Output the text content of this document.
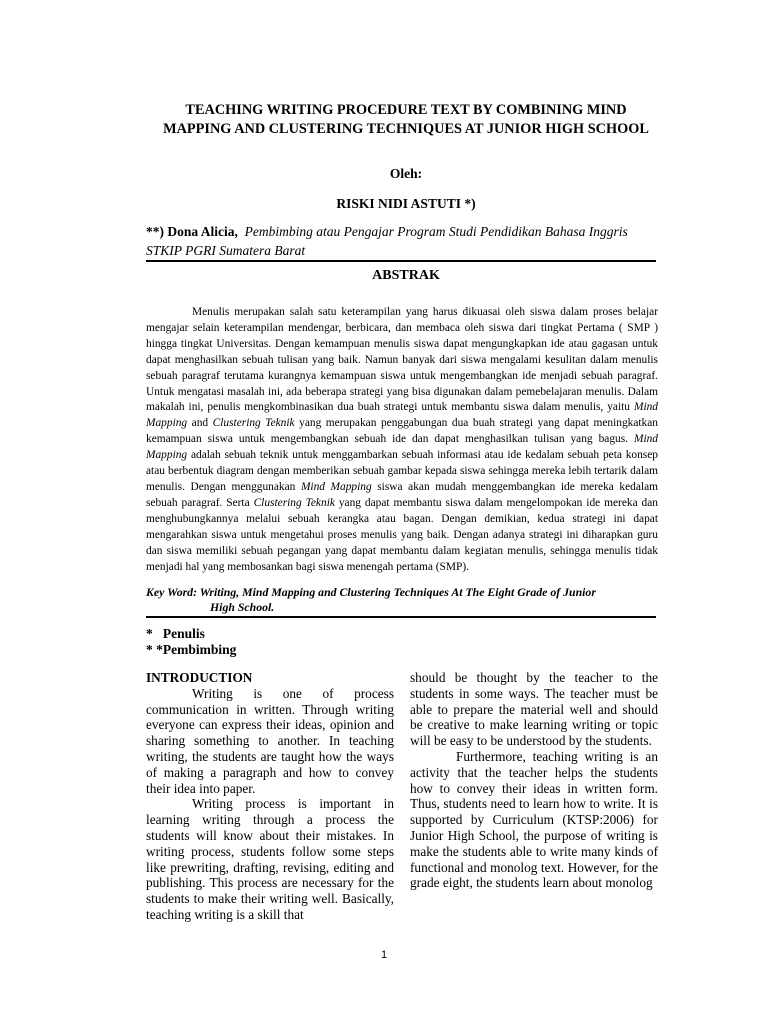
TEACHING WRITING PROCEDURE TEXT BY COMBINING MIND MAPPING AND CLUSTERING TECHNIQUES AT JUNIOR HIGH SCHOOL
Oleh:
RISKI NIDI ASTUTI *)
**) Dona Alicia, Pembimbing atau Pengajar Program Studi Pendidikan Bahasa Inggris
STKIP PGRI Sumatera Barat
ABSTRAK

Menulis merupakan salah satu keterampilan yang harus dikuasai oleh siswa dalam proses belajar mengajar selain keterampilan mendengar, berbicara, dan membaca oleh siswa dari tingkat Pertama ( SMP ) hingga tingkat Universitas. Dengan kemampuan menulis siswa dapat mengungkapkan ide atau gagasan untuk dapat menghasilkan sebuah tulisan yang baik. Namun banyak dari siswa mengalami kesulitan dalam menulis sebuah paragraf terutama kurangnya kemampuan siswa untuk mengembangkan ide menjadi sebuah paragraf. Untuk mengatasi masalah ini, ada beberapa strategi yang bisa digunakan dalam pemebelajaran menulis. Dalam makalah ini, penulis mengkombinasikan dua buah strategi untuk membantu siswa dalam menulis, yaitu Mind Mapping and Clustering Teknik yang merupakan penggabungan dua buah strategi yang dapat meningkatkan kemampuan siswa untuk mengembangkan sebuah ide dan dapat menghasilkan tulisan yang bagus. Mind Mapping adalah sebuah teknik untuk menggambarkan sebuah informasi atau ide kedalam sebuah peta konsep atau berbentuk diagram dengan memberikan sebuah gambar kepada siswa sehingga mereka lebih tertarik dalam menulis. Dengan menggunakan Mind Mapping siswa akan mudah menggembangkan ide mereka kedalam sebuah paragraf. Serta Clustering Teknik yang dapat membantu siswa dalam mengelompokan ide mereka dan menghubungkannya melalui sebuah kerangka atau bagan. Dengan demikian, kedua strategi ini dapat mengarahkan siswa untuk mengetahui proses menulis yang baik. Dengan adanya strategi ini diharapkan guru dan siswa memiliki sebuah pegangan yang dapat membantu dalam kegiatan menulis, sehingga menulis tidak menjadi hal yang membosankan bagi siswa menengah pertama (SMP).

Key Word: Writing, Mind Mapping and Clustering Techniques At The Eight Grade of Junior
High School.
*   Penulis
* *Pembimbing

INTRODUCTION

Writing is one of process communication in written. Through writing everyone can express their ideas, opinion and sharing something to another. In teaching writing, the students are taught how the ways of making a paragraph and how to convey their idea into paper.

Writing process is important in learning writing through a process the students will know about their mistakes. In writing process, students follow some steps like prewriting, drafting, revising, editing and publishing. This process are necessary for the students to make their writing well. Basically, teaching writing is a skill that

should be thought by the teacher to the students in some ways. The teacher must be able to prepare the material well and should be creative to make learning writing or topic will be easy to be understood by the students.

Furthermore, teaching writing is an activity that the teacher helps the students how to convey their ideas in written form. Thus, students need to learn how to write. It is supported by Curriculum (KTSP:2006) for Junior High School, the purpose of writing is make the students able to write many kinds of functional and monolog text. However, for the grade eight, the students learn about monolog

1
